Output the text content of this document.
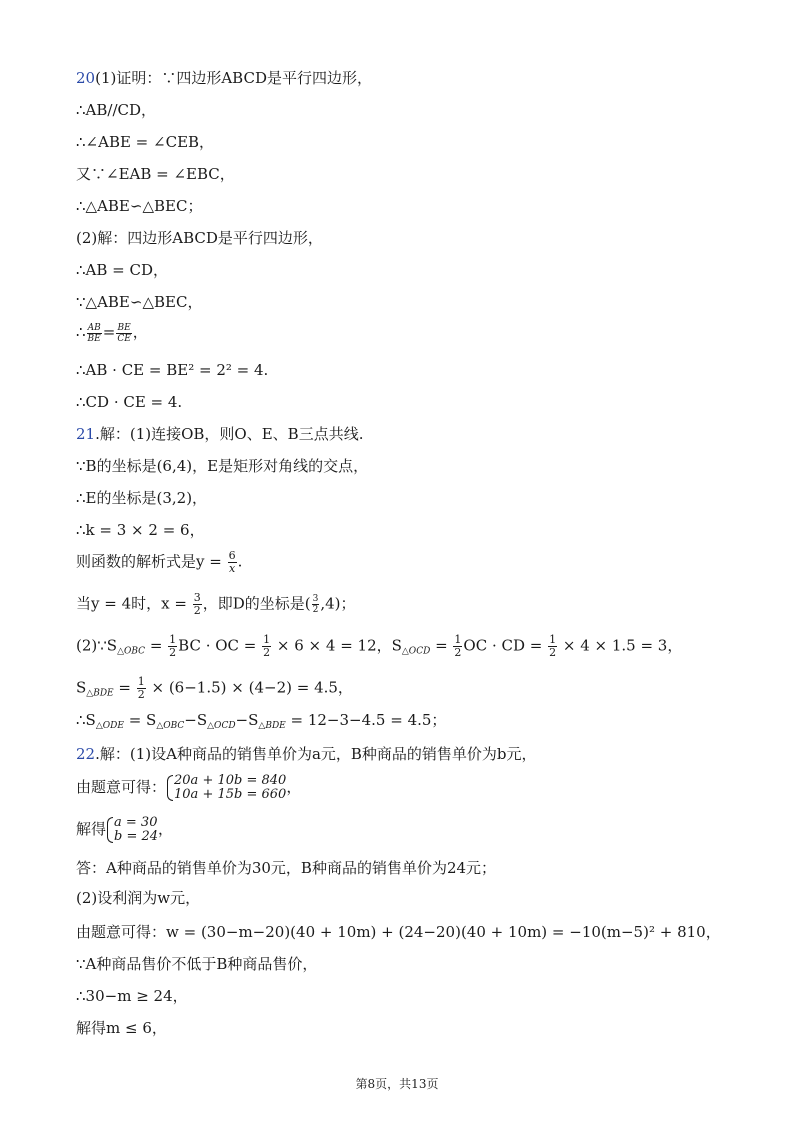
20(1)证明：∵四边形ABCD是平行四边形，
∴AB//CD，
∴∠ABE = ∠CEB，
又∵∠EAB = ∠EBC，
∴△ABE∽△BEC；
(2)解：四边形ABCD是平行四边形，
∴AB = CD，
∵△ABE∽△BEC，
∴ $\frac{AB}{BE} = \frac{BE}{CE}$ ，
∴AB · CE = BE² = 2² = 4.
∴CD · CE = 4.
21.解：(1)连接OB，则O、E、B三点共线.
∵B的坐标是(6,4)，E是矩形对角线的交点，
∴E的坐标是(3,2)，
∴k = 3 × 2 = 6，
则函数的解析式是$y = \frac{6}{x}$ .
当y = 4时，$x = \frac{3}{2}$ ，即D的坐标是( $\frac{3}{2} ,4$)；
$(2)\because S_{\triangle OBC} = \frac{1}{2}$ BC · OC = $\frac{1}{2} \times 6 \times 4 = 12$，$S_{\triangle OCD} = \frac{1}{2}$ OC · CD = $\frac{1}{2} \times 4 \times 1.5 = 3$，
$S_{\triangle BDE} = \frac{1}{2} \times (6-1.5) \times (4-2) = 4.5$，
$\therefore S_{\triangle ODE} = S_{\triangle OBC}-S_{\triangle OCD}-S_{\triangle BDE} = 12-3-4.5 = 4.5$；
22.解：(1)设A种商品的销售单价为a元，B种商品的销售单价为b元，
由题意可得： 20a + 10b = 840
10a + 15b = 660 ，
解得 a = 30
b = 24 ，
答：A种商品的销售单价为30元，B种商品的销售单价为24元；
(2)设利润为w元，
由题意可得：w = (30−m−20)(40 + 10m) + (24−20)(40 + 10m) = −10(m−5)² + 810，
∵A种商品售价不低于B种商品售价，
∴30−m ≥ 24，
解得m ≤ 6，
第8页，共13页
